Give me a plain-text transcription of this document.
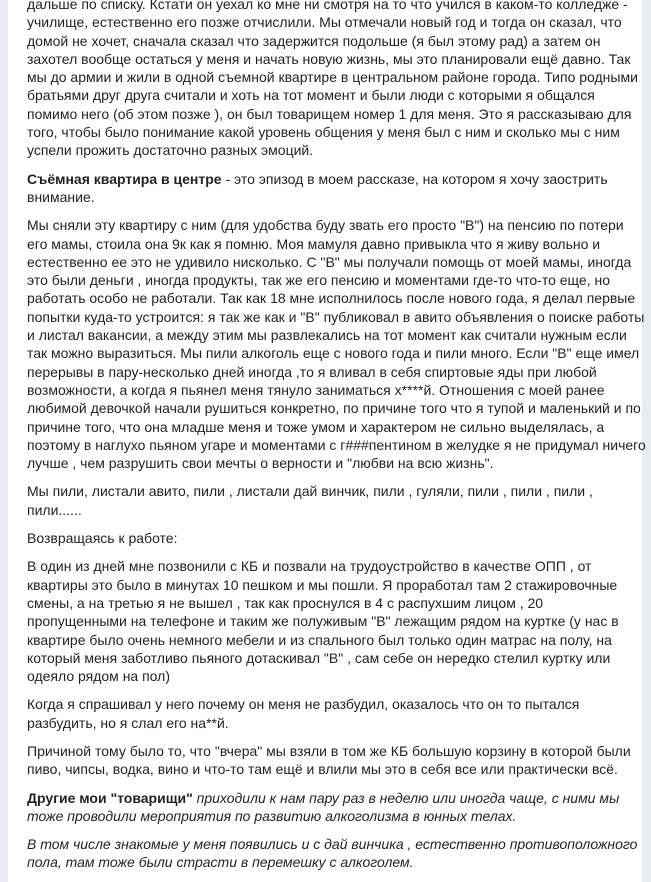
дальше по списку. Кстати он уехал ко мне ни смотря на то что учился в каком-то колледже -
училище, естественно его позже отчислили. Мы отмечали новый год и тогда он сказал, что
домой не хочет, сначала сказал что задержится подольше (я был этому рад) а затем он
захотел вообще остаться у меня и начать новую жизнь, мы это планировали ещё давно. Так
мы до армии и жили в одной съемной квартире в центральном районе города. Типо родными
братьями друг друга считали и хоть на тот момент и были люди с которыми я общался
помимо него (об этом позже ), он был товарищем номер 1 для меня. Это я рассказываю для
того, чтобы было понимание какой уровень общения у меня был с ним и сколько мы с ним
успели прожить достаточно разных эмоций.
Съёмная квартира в центре - это эпизод в моем рассказе, на котором я хочу заострить
внимание.
Мы сняли эту квартиру с ним (для удобства буду звать его просто "В") на пенсию по потери
его мамы, стоила она 9к как я помню. Моя мамуля давно привыкла что я живу вольно и
естественно ее это не удивило нисколько. С "В" мы получали помощь от моей мамы, иногда
это были деньги , иногда продукты, так же его пенсию и моментами где-то что-то еще, но
работать особо не работали. Так как 18 мне исполнилось после нового года, я делал первые
попытки куда-то устроится: я так же как и "В" публиковал в авито объявления о поиске работы
и листал вакансии, а между этим мы развлекались на тот момент как считали нужным если
так можно выразиться. Мы пили алкоголь еще с нового года и пили много. Если "В" еще имел
перерывы в пару-несколько дней иногда ,то я вливал в себя спиртовые яды при любой
возможности, а когда я пьянел меня тянуло заниматься х****й. Отношения с моей ранее
любимой девочкой начали рушиться конкретно, по причине того что я тупой и маленький и по
причине того, что она младше меня и тоже умом и характером не сильно выделялась, а
поэтому в наглухо пьяном угаре и моментами с г###пентином в желудке я не придумал ничего
лучше , чем разрушить свои мечты о верности и "любви на всю жизнь".
Мы пили, листали авито, пили , листали дай винчик, пили , гуляли, пили , пили , пили ,
пили......
Возвращаясь к работе:
В один из дней мне позвонили с КБ и позвали на трудоустройство в качестве ОПП , от
квартиры это было в минутах 10 пешком и мы пошли. Я проработал там 2 стажировочные
смены, а на третью я не вышел , так как проснулся в 4 с распухшим лицом , 20
пропущенными на телефоне и таким же полуживым "В" лежащим рядом на куртке (у нас в
квартире было очень немного мебели и из спального был только один матрас на полу, на
который меня заботливо пьяного дотаскивал "В" , сам себе он нередко стелил куртку или
одеяло рядом на пол)
Когда я спрашивал у него почему он меня не разбудил, оказалось что он то пытался
разбудить, но я слал его на**й.
Причиной тому было то, что "вчера" мы взяли в том же КБ большую корзину в которой были
пиво, чипсы, водка, вино и что-то там ещё и влили мы это в себя все или практически всё.
Другие мои "товарищи" приходили к нам пару раз в неделю или иногда чаще, с ними мы
тоже проводили мероприятия по развитию алкоголизма в юнных телах.
В том числе знакомые у меня появились и с дай винчика , естественно противоположного
пола, там тоже были страсти в перемешку с алкоголем.
